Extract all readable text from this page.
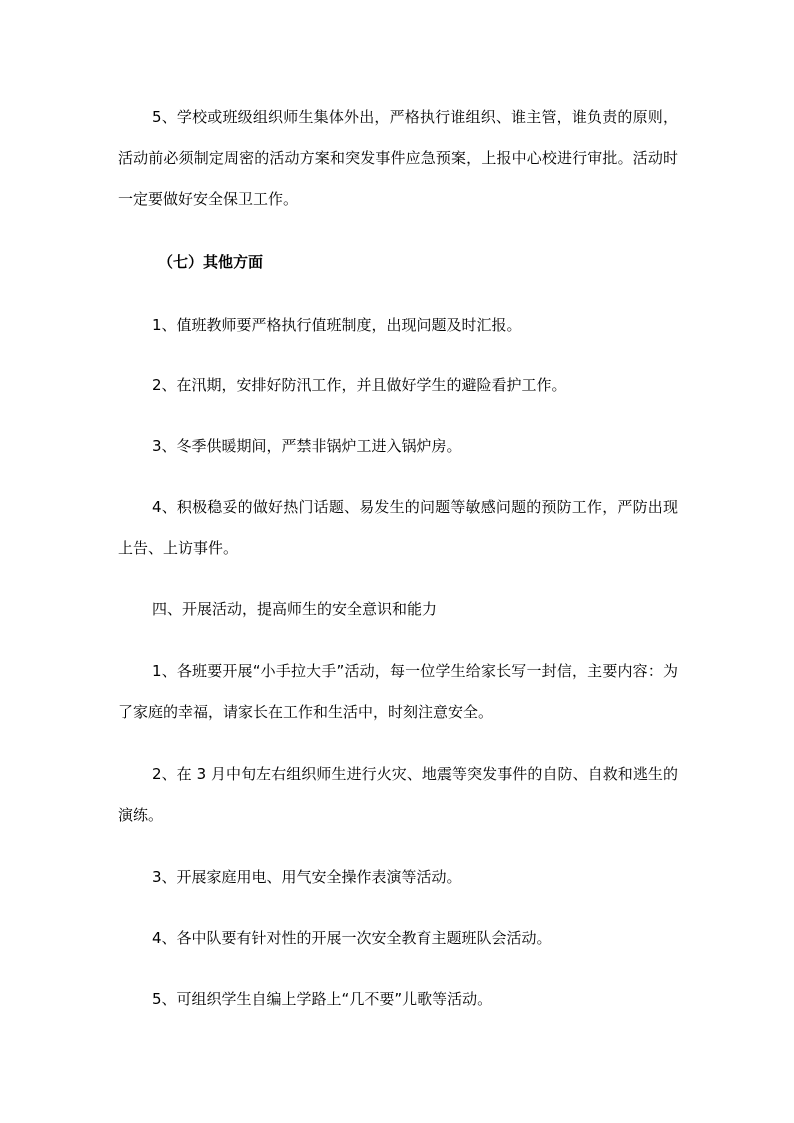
5、学校或班级组织师生集体外出，严格执行谁组织、谁主管，谁负责的原则，活动前必须制定周密的活动方案和突发事件应急预案，上报中心校进行审批。活动时一定要做好安全保卫工作。

（七）其他方面

1、值班教师要严格执行值班制度，出现问题及时汇报。

2、在汛期，安排好防汛工作，并且做好学生的避险看护工作。

3、冬季供暖期间，严禁非锅炉工进入锅炉房。

4、积极稳妥的做好热门话题、易发生的问题等敏感问题的预防工作，严防出现上告、上访事件。

四、开展活动，提高师生的安全意识和能力

1、各班要开展“小手拉大手”活动，每一位学生给家长写一封信，主要内容：为了家庭的幸福，请家长在工作和生活中，时刻注意安全。

2、在 3 月中旬左右组织师生进行火灾、地震等突发事件的自防、自救和逃生的演练。

3、开展家庭用电、用气安全操作表演等活动。

4、各中队要有针对性的开展一次安全教育主题班队会活动。

5、可组织学生自编上学路上“几不要”儿歌等活动。
